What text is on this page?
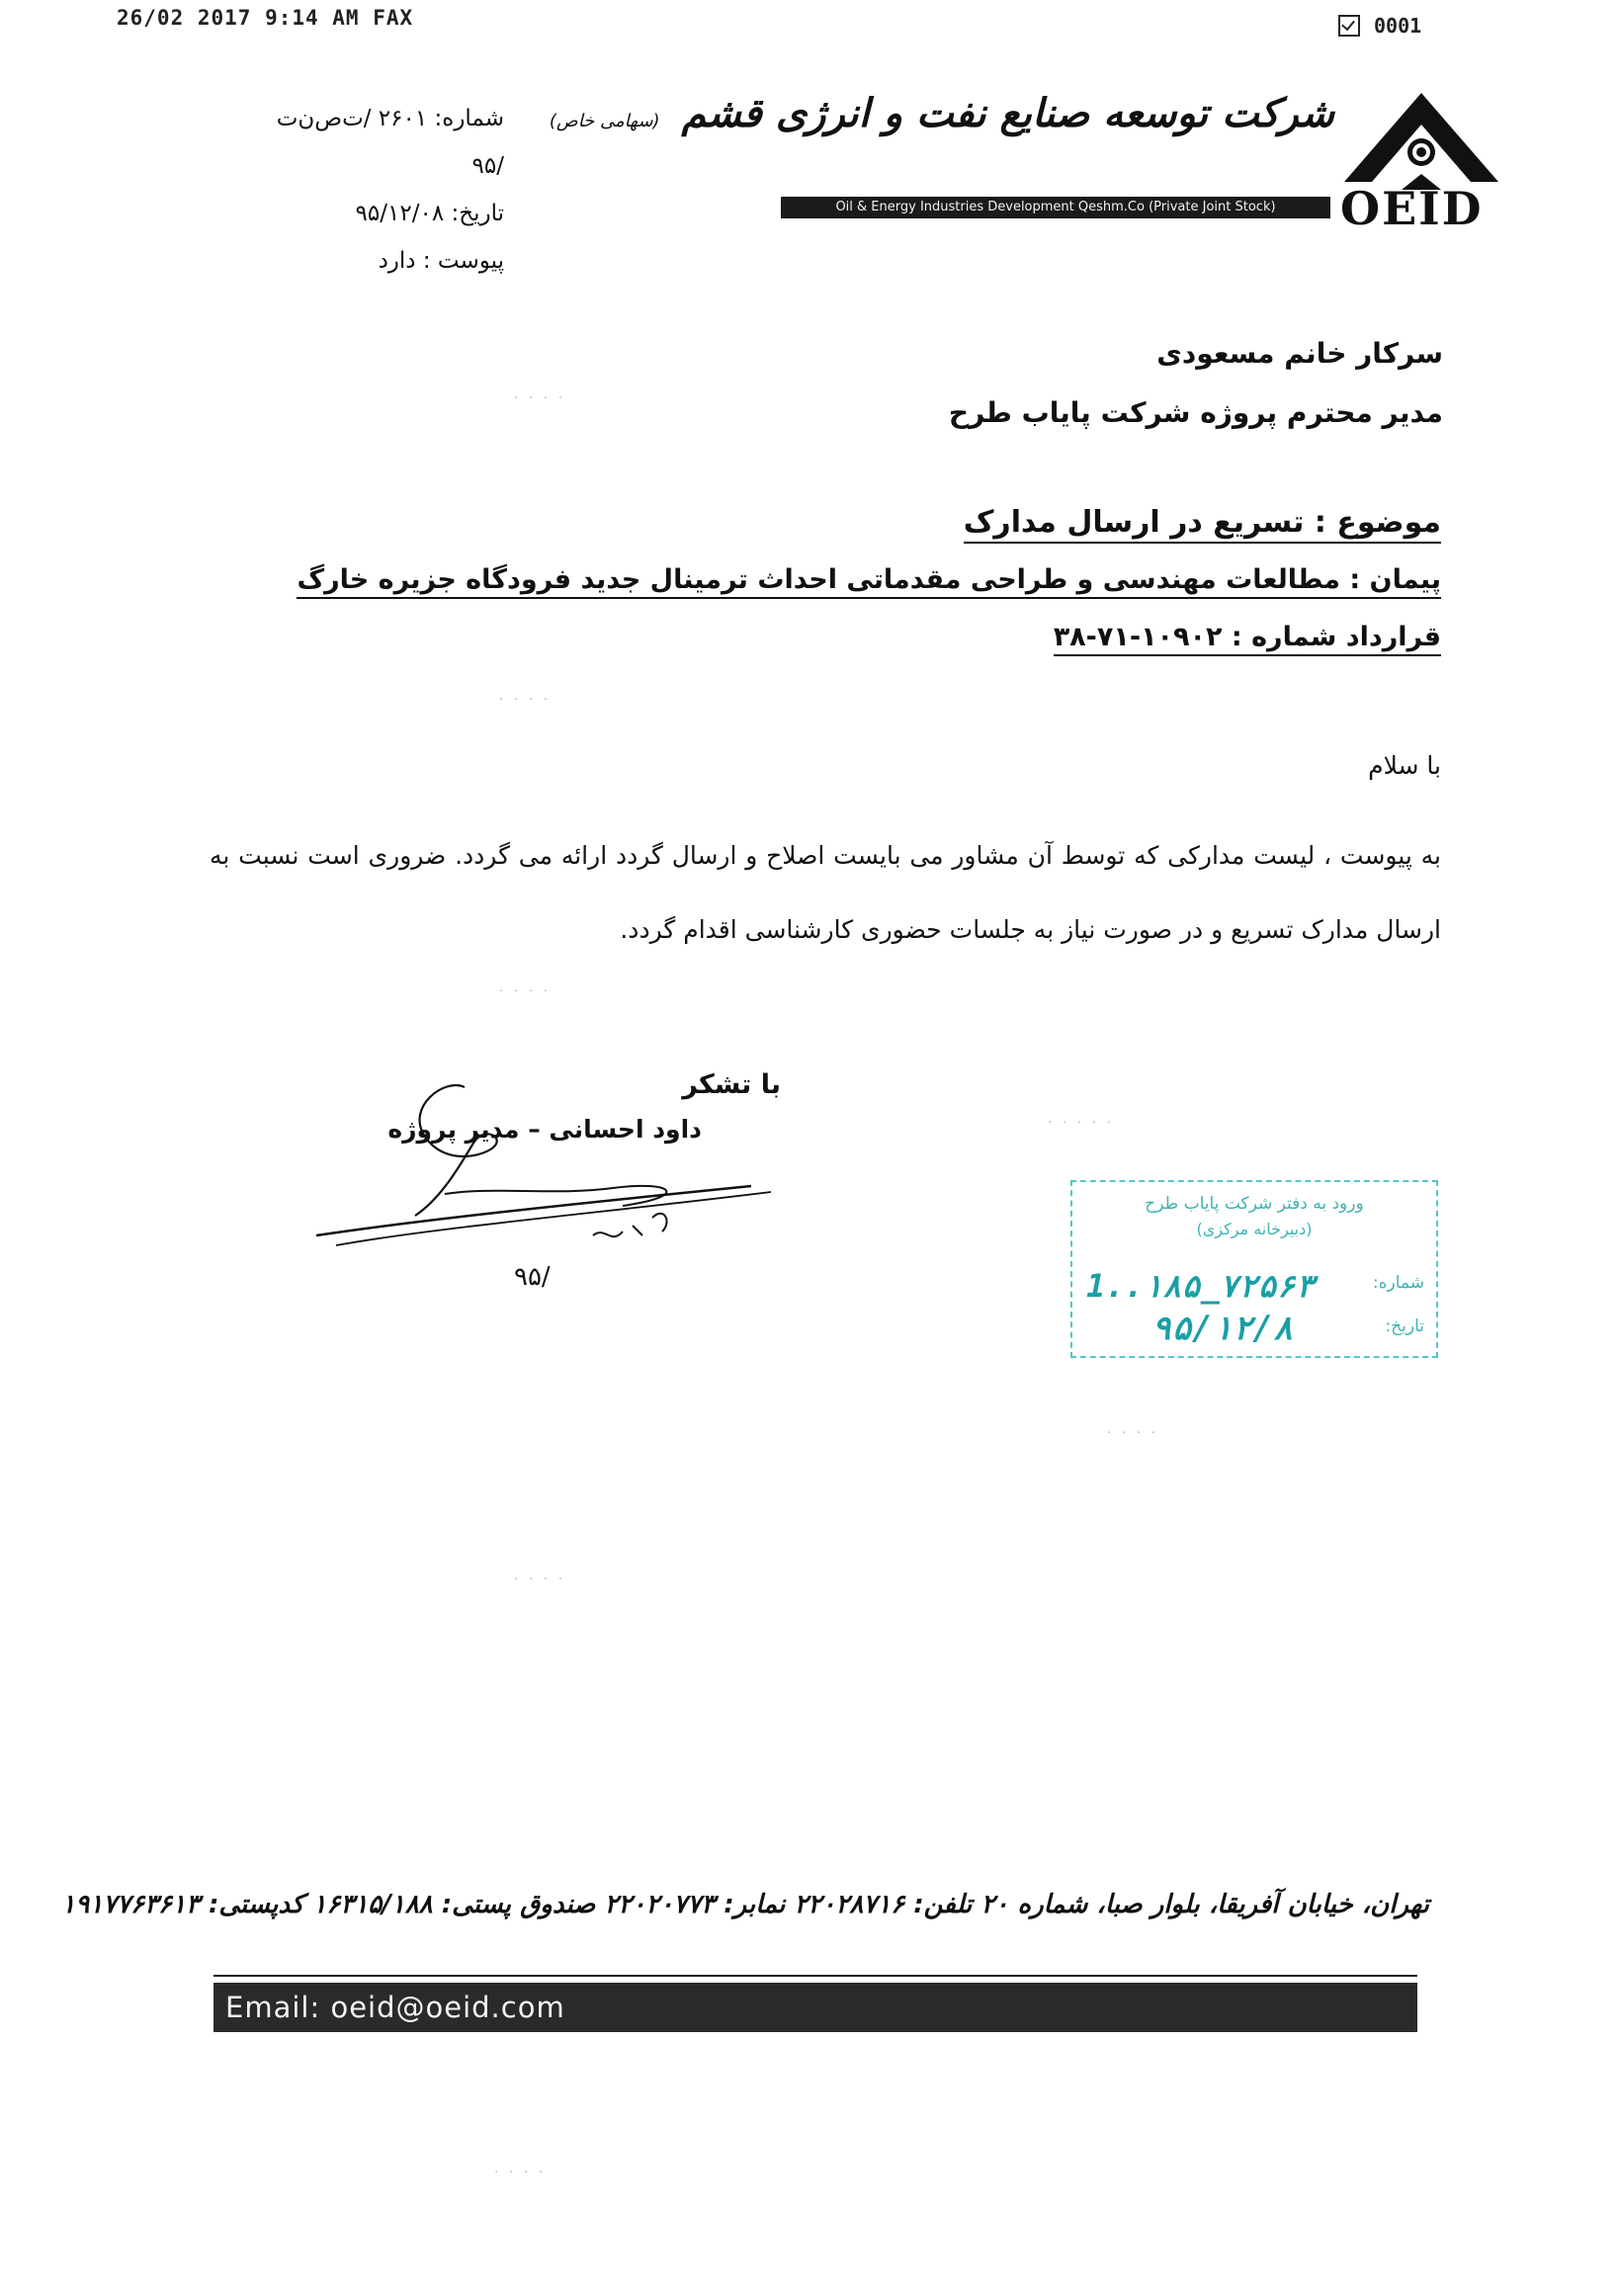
26/02 2017 9:14 AM FAX	0001
شرکت توسعه صنایع نفت و انرژی قشم (سهامی خاص)
Oil & Energy Industries Development Qeshm.Co (Private Joint Stock)	OEID
شماره: ۲۶۰۱ /ت‌ص‌ن‌ت /۹۵
تاریخ: ۹۵/۱۲/۰۸
پیوست : دارد
سرکار خانم مسعودی
مدیر محترم پروژه شرکت پایاب طرح
موضوع : تسریع در ارسال مدارک
پیمان : مطالعات مهندسی و طراحی مقدماتی احداث ترمینال جدید فرودگاه جزیره خارگ
قرارداد شماره : ۱۰۹۰۲-۷۱-۳۸
با سلام
به پیوست ، لیست مدارکی که توسط آن مشاور می بایست اصلاح و ارسال گردد ارائه می گردد. ضروری است نسبت به ارسال مدارک تسریع و در صورت نیاز به جلسات حضوری کارشناسی اقدام گردد.
با تشکر
داود احسانی – مدیر پروژه
۹۵/
ورود به دفتر شرکت پایاب طرح
(دبیرخانه مرکزی)
شماره:
تاریخ:
1..۱۸۵_۷۲۵۶۳
۹۵/۱۲/۸
تهران، خیابان آفریقا، بلوار صبا، شماره ۲۰ تلفن: ۲۲۰۲۸۷۱۶ نمابر: ۲۲۰۲۰۷۷۳ صندوق پستی: ۱۶۳۱۵/۱۸۸ کدپستی: ۱۹۱۷۷۶۳۶۱۳
Email: oeid@oeid.com
· · · ·
· · · ·
· · · ·
· · · · ·
· · · ·
· · · ·
· · · ·
